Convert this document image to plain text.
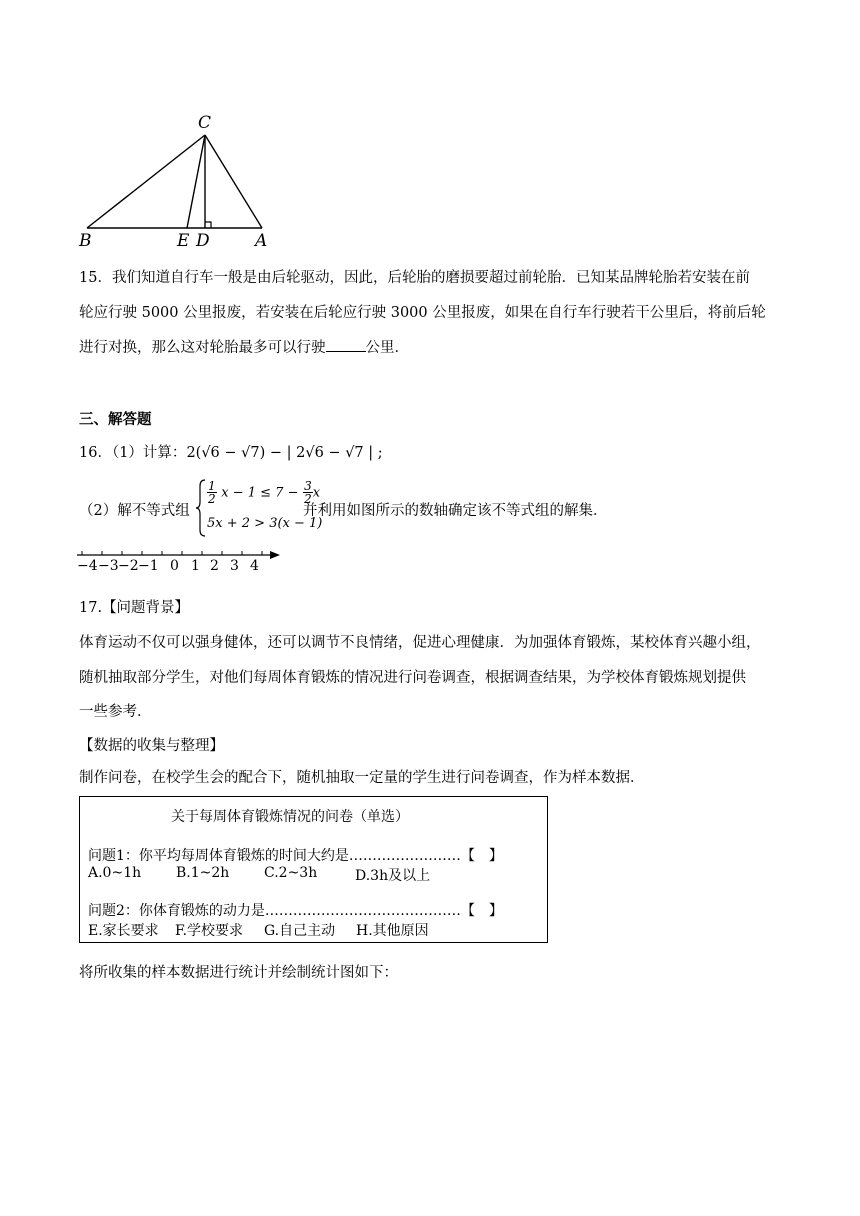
C
B	E D	A
15．我们知道自行车一般是由后轮驱动，因此，后轮胎的磨损要超过前轮胎．已知某品牌轮胎若安装在前
轮应行驶 5000 公里报废，若安装在后轮应行驶 3000 公里报废，如果在自行车行驶若干公里后，将前后轮
进行对换，那么这对轮胎最多可以行驶	公里．
三、解答题
16．（1）计算：2(√6 − √7) − | 2√6 − √7 | ;
（2）解不等式组
$\frac{1}{2}$ $x - 1 \le 7 - \frac{3}{2}$ x
5x + 2 > 3(x − 1)
并利用如图所示的数轴确定该不等式组的解集．
−4 −3 −2 −1 0 1 2 3 4
17.【问题背景】
体育运动不仅可以强身健体，还可以调节不良情绪，促进心理健康．为加强体育锻炼，某校体育兴趣小组，
随机抽取部分学生，对他们每周体育锻炼的情况进行问卷调查，根据调查结果，为学校体育锻炼规划提供
一些参考．
【数据的收集与整理】
制作问卷，在校学生会的配合下，随机抽取一定量的学生进行问卷调查，作为样本数据．
关于每周体育锻炼情况的问卷（单选）
问题1：你平均每周体育锻炼的时间大约是……………………【　】
A.0~1h B.1~2h C.2~3h	D.3h及以上
问题2：你体育锻炼的动力是……………………………………【　】
E.家长要求 F.学校要求 G.自己主动 H.其他原因
将所收集的样本数据进行统计并绘制统计图如下：
